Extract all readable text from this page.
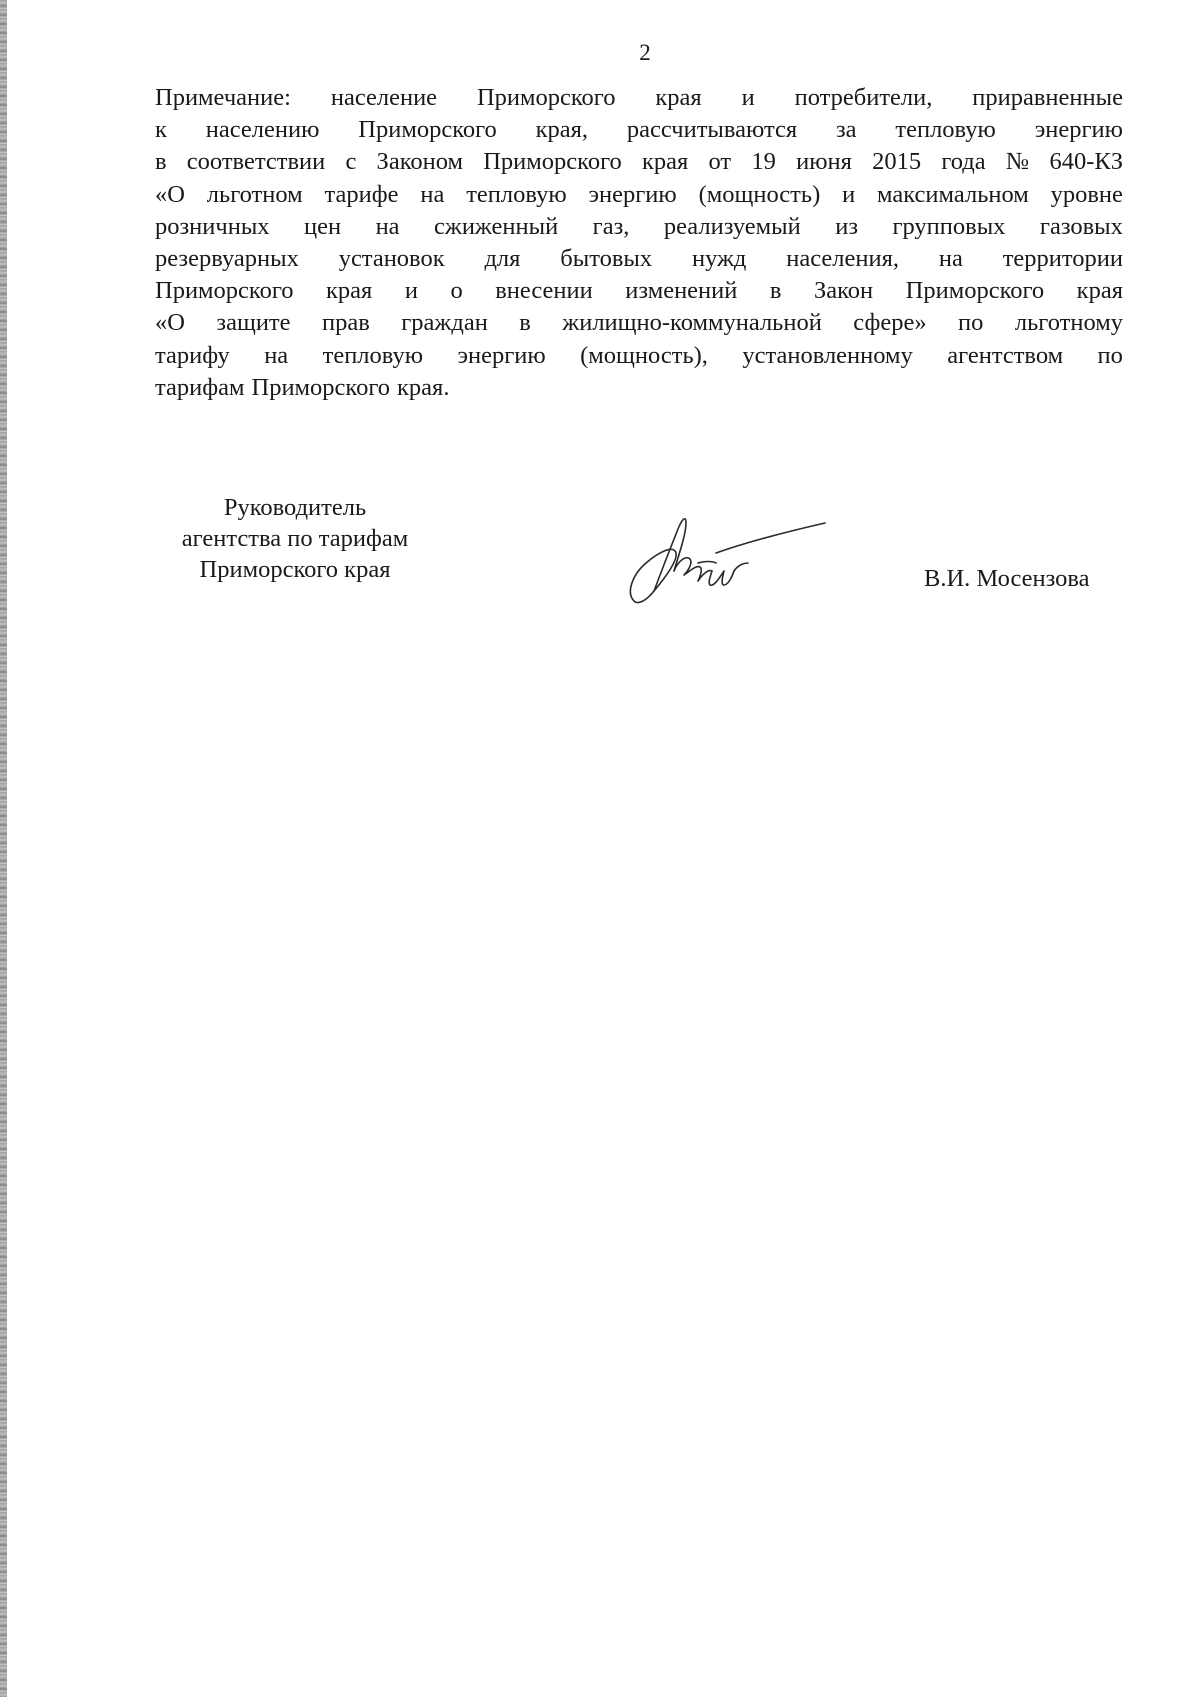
2
Примечание: население Приморского края и потребители, приравненные
к населению Приморского края, рассчитываются за тепловую энергию
в соответствии с Законом Приморского края от 19 июня 2015 года № 640-КЗ
«О льготном тарифе на тепловую энергию (мощность) и максимальном уровне
розничных цен на сжиженный газ, реализуемый из групповых газовых
резервуарных установок для бытовых нужд населения, на территории
Приморского края и о внесении изменений в Закон Приморского края
«О защите прав граждан в жилищно-коммунальной сфере» по льготному
тарифу на тепловую энергию (мощность), установленному агентством по
тарифам Приморского края.
Руководитель
агентства по тарифам
Приморского края	В.И. Мосензова
